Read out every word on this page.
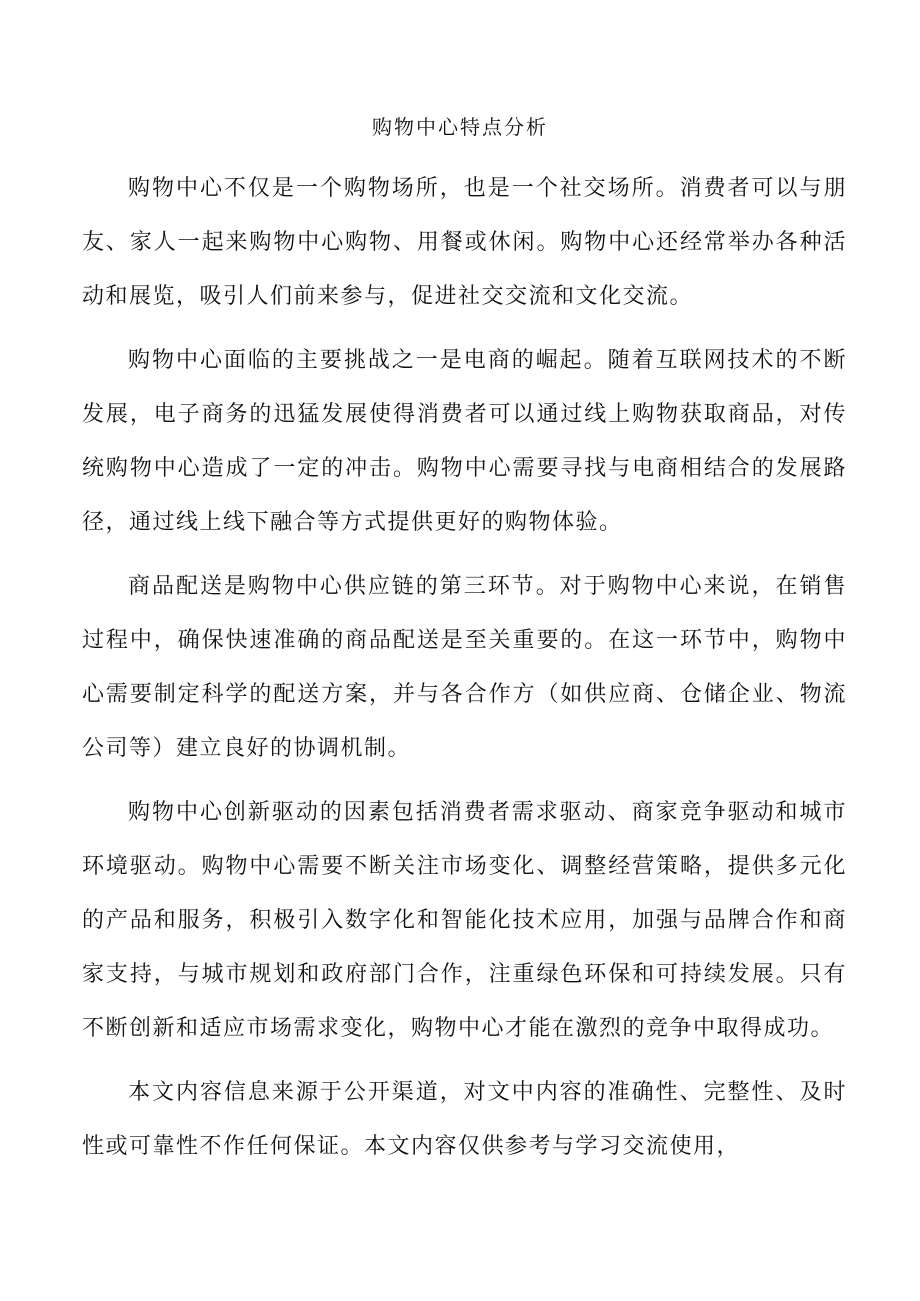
购物中心特点分析

购物中心不仅是一个购物场所，也是一个社交场所。消费者可以与朋友、家人一起来购物中心购物、用餐或休闲。购物中心还经常举办各种活动和展览，吸引人们前来参与，促进社交交流和文化交流。

购物中心面临的主要挑战之一是电商的崛起。随着互联网技术的不断发展，电子商务的迅猛发展使得消费者可以通过线上购物获取商品，对传统购物中心造成了一定的冲击。购物中心需要寻找与电商相结合的发展路径，通过线上线下融合等方式提供更好的购物体验。

商品配送是购物中心供应链的第三环节。对于购物中心来说，在销售过程中，确保快速准确的商品配送是至关重要的。在这一环节中，购物中心需要制定科学的配送方案，并与各合作方（如供应商、仓储企业、物流公司等）建立良好的协调机制。

购物中心创新驱动的因素包括消费者需求驱动、商家竞争驱动和城市环境驱动。购物中心需要不断关注市场变化、调整经营策略，提供多元化的产品和服务，积极引入数字化和智能化技术应用，加强与品牌合作和商家支持，与城市规划和政府部门合作，注重绿色环保和可持续发展。只有不断创新和适应市场需求变化，购物中心才能在激烈的竞争中取得成功。

本文内容信息来源于公开渠道，对文中内容的准确性、完整性、及时性或可靠性不作任何保证。本文内容仅供参考与学习交流使用，
